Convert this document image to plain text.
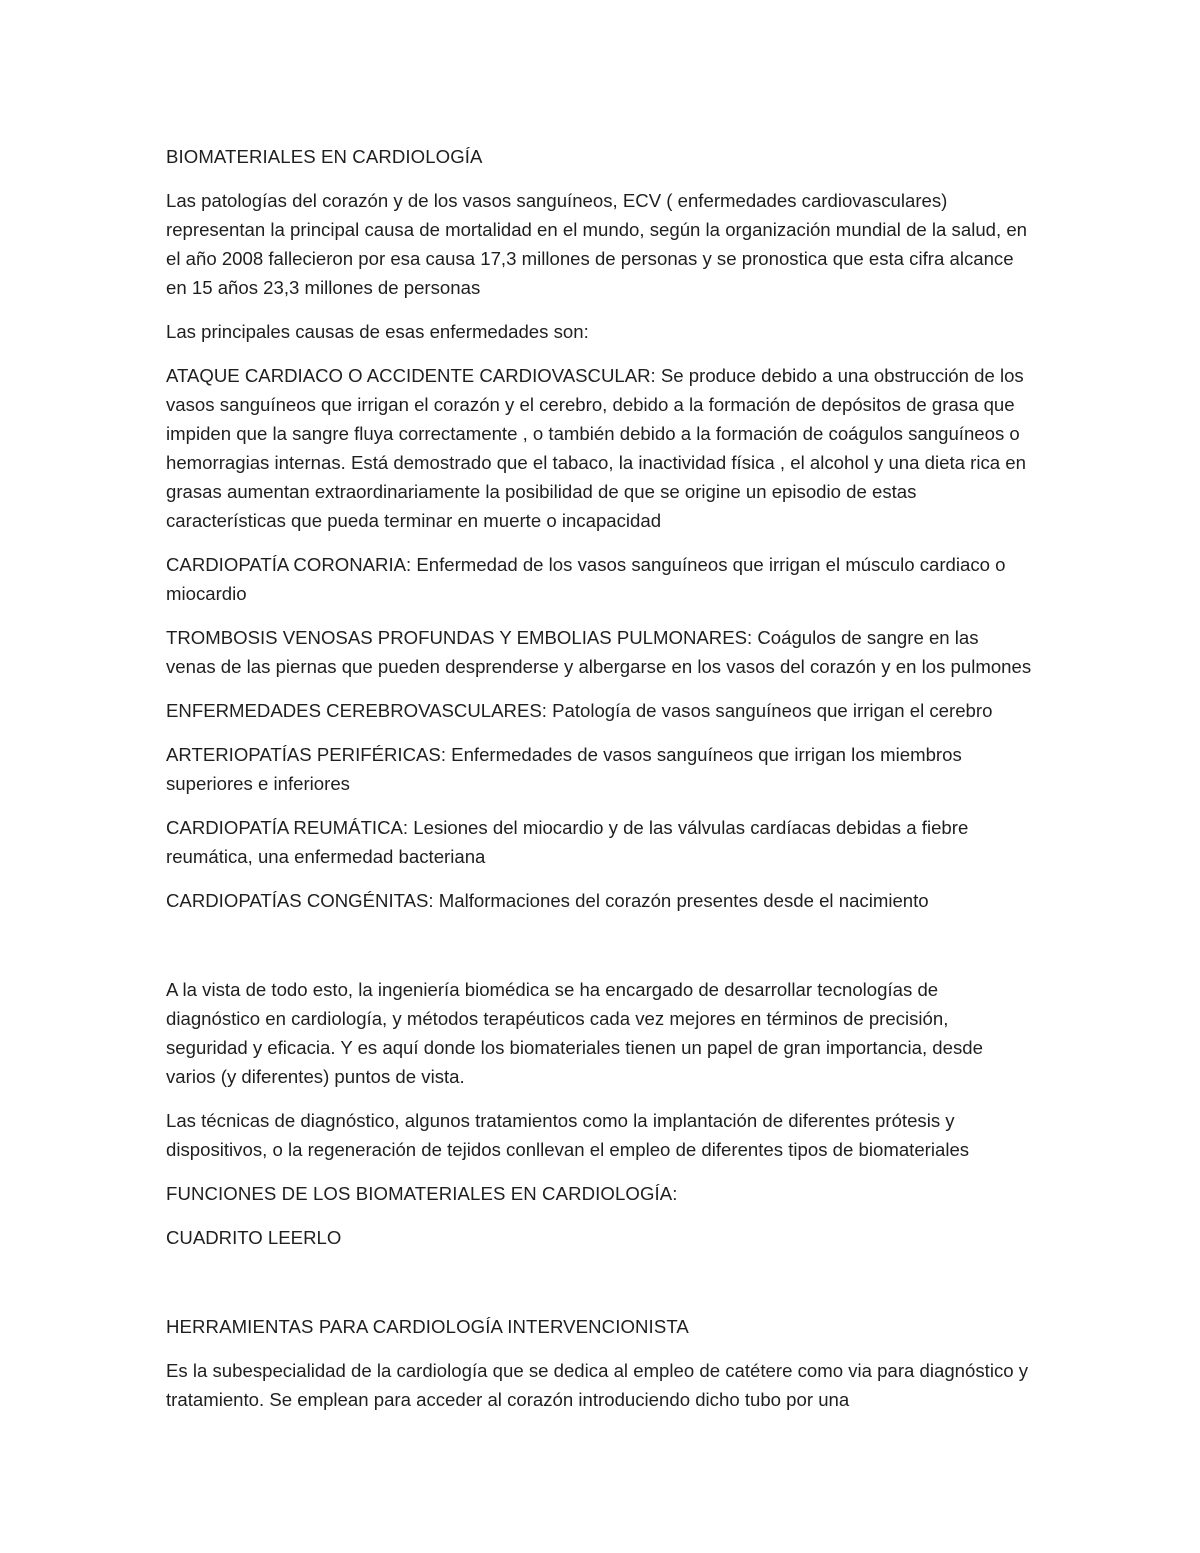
BIOMATERIALES EN CARDIOLOGÍA

Las patologías del corazón y de los vasos sanguíneos, ECV ( enfermedades cardiovasculares) representan la principal causa de mortalidad en el mundo, según la organización mundial de la salud, en el año 2008 fallecieron por esa causa 17,3 millones de personas y se pronostica que esta cifra alcance en 15 años 23,3 millones de personas

Las principales causas de esas enfermedades son:

ATAQUE CARDIACO O ACCIDENTE CARDIOVASCULAR: Se produce debido a una obstrucción de los vasos sanguíneos que irrigan el corazón y el cerebro, debido a la formación de depósitos de grasa que impiden que la sangre fluya correctamente , o también debido a la formación de coágulos sanguíneos o hemorragias internas. Está demostrado que el tabaco, la inactividad física , el alcohol y una dieta rica en grasas aumentan extraordinariamente la posibilidad de que se origine un episodio de estas características que pueda terminar en muerte o incapacidad

CARDIOPATÍA CORONARIA: Enfermedad de los vasos sanguíneos que irrigan el músculo cardiaco o miocardio

TROMBOSIS VENOSAS PROFUNDAS Y EMBOLIAS PULMONARES: Coágulos de sangre en las venas de las piernas que pueden desprenderse y albergarse en los vasos del corazón y en los pulmones

ENFERMEDADES CEREBROVASCULARES: Patología de vasos sanguíneos que irrigan el cerebro

ARTERIOPATÍAS PERIFÉRICAS: Enfermedades de vasos sanguíneos que irrigan los miembros superiores e inferiores

CARDIOPATÍA REUMÁTICA: Lesiones del miocardio y de las válvulas cardíacas debidas a fiebre reumática, una enfermedad bacteriana

CARDIOPATÍAS CONGÉNITAS: Malformaciones del corazón presentes desde el nacimiento

A la vista de todo esto, la ingeniería biomédica se ha encargado de desarrollar tecnologías de diagnóstico en cardiología, y métodos terapéuticos cada vez mejores en términos de precisión, seguridad y eficacia. Y es aquí donde los biomateriales tienen un papel de gran importancia, desde varios (y diferentes) puntos de vista.

Las técnicas de diagnóstico, algunos tratamientos como la implantación de diferentes prótesis y dispositivos, o la regeneración de tejidos conllevan el empleo de diferentes tipos de biomateriales

FUNCIONES DE LOS BIOMATERIALES EN CARDIOLOGÍA:

CUADRITO LEERLO

HERRAMIENTAS PARA CARDIOLOGÍA INTERVENCIONISTA

Es la subespecialidad de la cardiología que se dedica al empleo de catétere como via para diagnóstico y tratamiento. Se emplean para acceder al corazón introduciendo dicho tubo por una
